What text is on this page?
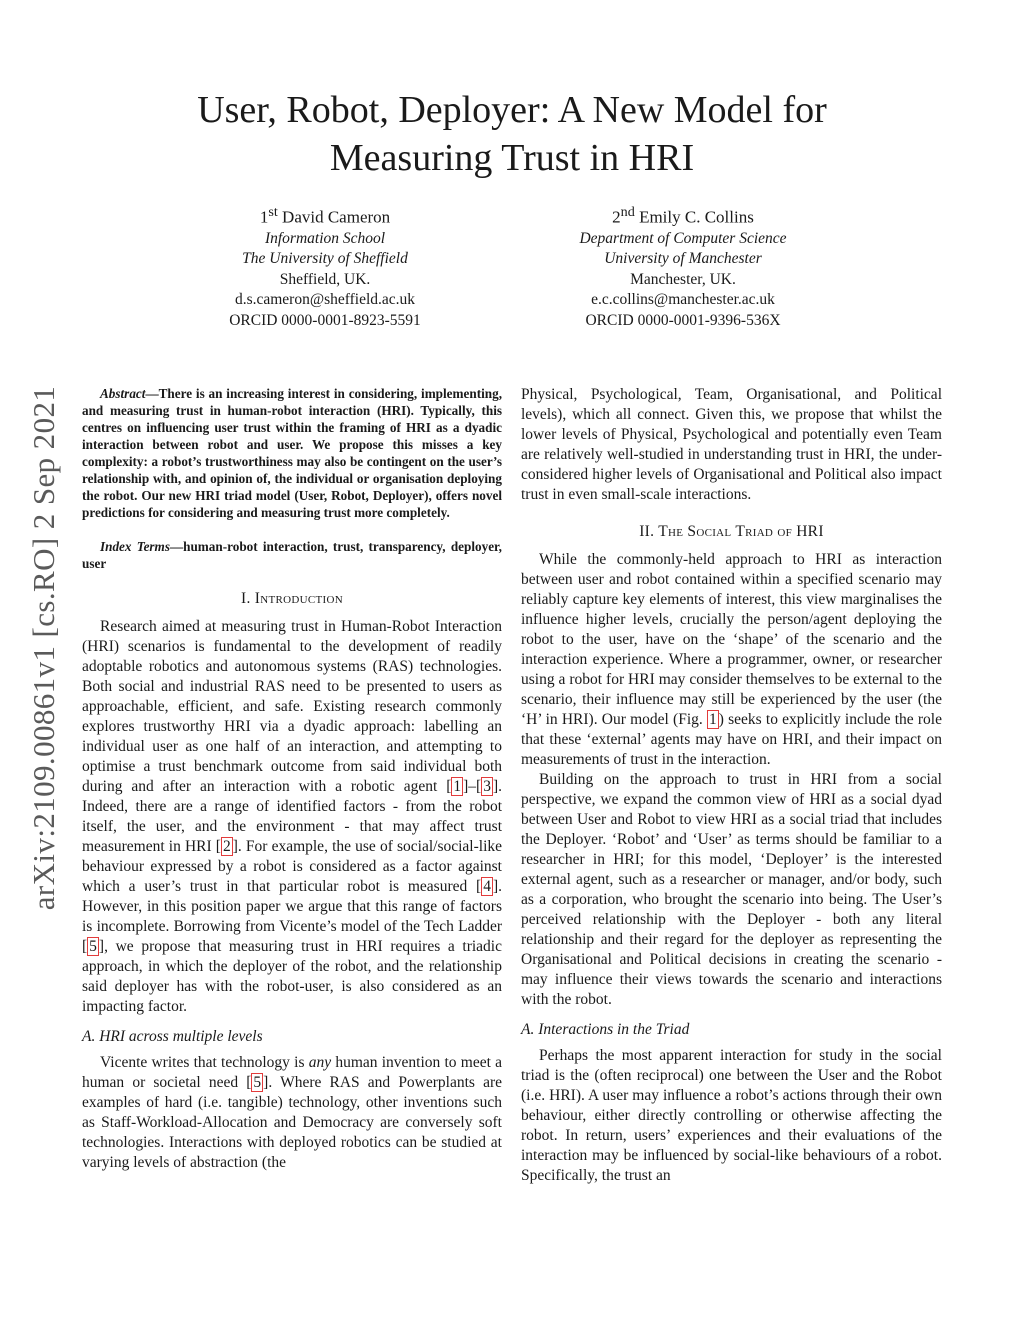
arXiv:2109.00861v1 [cs.RO] 2 Sep 2021
User, Robot, Deployer: A New Model for
Measuring Trust in HRI
1st David Cameron
Information School
The University of Sheffield
Sheffield, UK.
d.s.cameron@sheffield.ac.uk
ORCID 0000-0001-8923-5591
2nd Emily C. Collins
Department of Computer Science
University of Manchester
Manchester, UK.
e.c.collins@manchester.ac.uk
ORCID 0000-0001-9396-536X

Abstract—There is an increasing interest in considering, implementing, and measuring trust in human-robot interaction (HRI). Typically, this centres on influencing user trust within the framing of HRI as a dyadic interaction between robot and user. We propose this misses a key complexity: a robot’s trustworthiness may also be contingent on the user’s relationship with, and opinion of, the individual or organisation deploying the robot. Our new HRI triad model (User, Robot, Deployer), offers novel predictions for considering and measuring trust more completely.

Index Terms—human-robot interaction, trust, transparency, deployer, user

I. Introduction

Research aimed at measuring trust in Human-Robot Interaction (HRI) scenarios is fundamental to the development of readily adoptable robotics and autonomous systems (RAS) technologies. Both social and industrial RAS need to be presented to users as approachable, efficient, and safe. Existing research commonly explores trustworthy HRI via a dyadic approach: labelling an individual user as one half of an interaction, and attempting to optimise a trust benchmark outcome from said individual both during and after an interaction with a robotic agent [ 1 ]–[ 3 ]. Indeed, there are a range of identified factors - from the robot itself, the user, and the environment - that may affect trust measurement in HRI [ 2 ]. For example, the use of social/social-like behaviour expressed by a robot is considered as a factor against which a user’s trust in that particular robot is measured [ 4 ]. However, in this position paper we argue that this range of factors is incomplete. Borrowing from Vicente’s model of the Tech Ladder [ 5 ], we propose that measuring trust in HRI requires a triadic approach, in which the deployer of the robot, and the relationship said deployer has with the robot-user, is also considered as an impacting factor.

A. HRI across multiple levels

Vicente writes that technology is any human invention to meet a human or societal need [ 5 ]. Where RAS and Powerplants are examples of hard (i.e. tangible) technology, other inventions such as Staff-Workload-Allocation and Democracy are conversely soft technologies. Interactions with deployed robotics can be studied at varying levels of abstraction (the

Physical, Psychological, Team, Organisational, and Political levels), which all connect. Given this, we propose that whilst the lower levels of Physical, Psychological and potentially even Team are relatively well-studied in understanding trust in HRI, the under-considered higher levels of Organisational and Political also impact trust in even small-scale interactions.

II. The Social Triad of HRI

While the commonly-held approach to HRI as interaction between user and robot contained within a specified scenario may reliably capture key elements of interest, this view marginalises the influence higher levels, crucially the person/agent deploying the robot to the user, have on the ‘shape’ of the scenario and the interaction experience. Where a programmer, owner, or researcher using a robot for HRI may consider themselves to be external to the scenario, their influence may still be experienced by the user (the ‘H’ in HRI). Our model (Fig. 1 ) seeks to explicitly include the role that these ‘external’ agents may have on HRI, and their impact on measurements of trust in the interaction.

Building on the approach to trust in HRI from a social perspective, we expand the common view of HRI as a social dyad between User and Robot to view HRI as a social triad that includes the Deployer. ‘Robot’ and ‘User’ as terms should be familiar to a researcher in HRI; for this model, ‘Deployer’ is the interested external agent, such as a researcher or manager, and/or body, such as a corporation, who brought the scenario into being. The User’s perceived relationship with the Deployer - both any literal relationship and their regard for the deployer as representing the Organisational and Political decisions in creating the scenario - may influence their views towards the scenario and interactions with the robot.

A. Interactions in the Triad

Perhaps the most apparent interaction for study in the social triad is the (often reciprocal) one between the User and the Robot (i.e. HRI). A user may influence a robot’s actions through their own behaviour, either directly controlling or otherwise affecting the robot. In return, users’ experiences and their evaluations of the interaction may be influenced by social-like behaviours of a robot. Specifically, the trust an
